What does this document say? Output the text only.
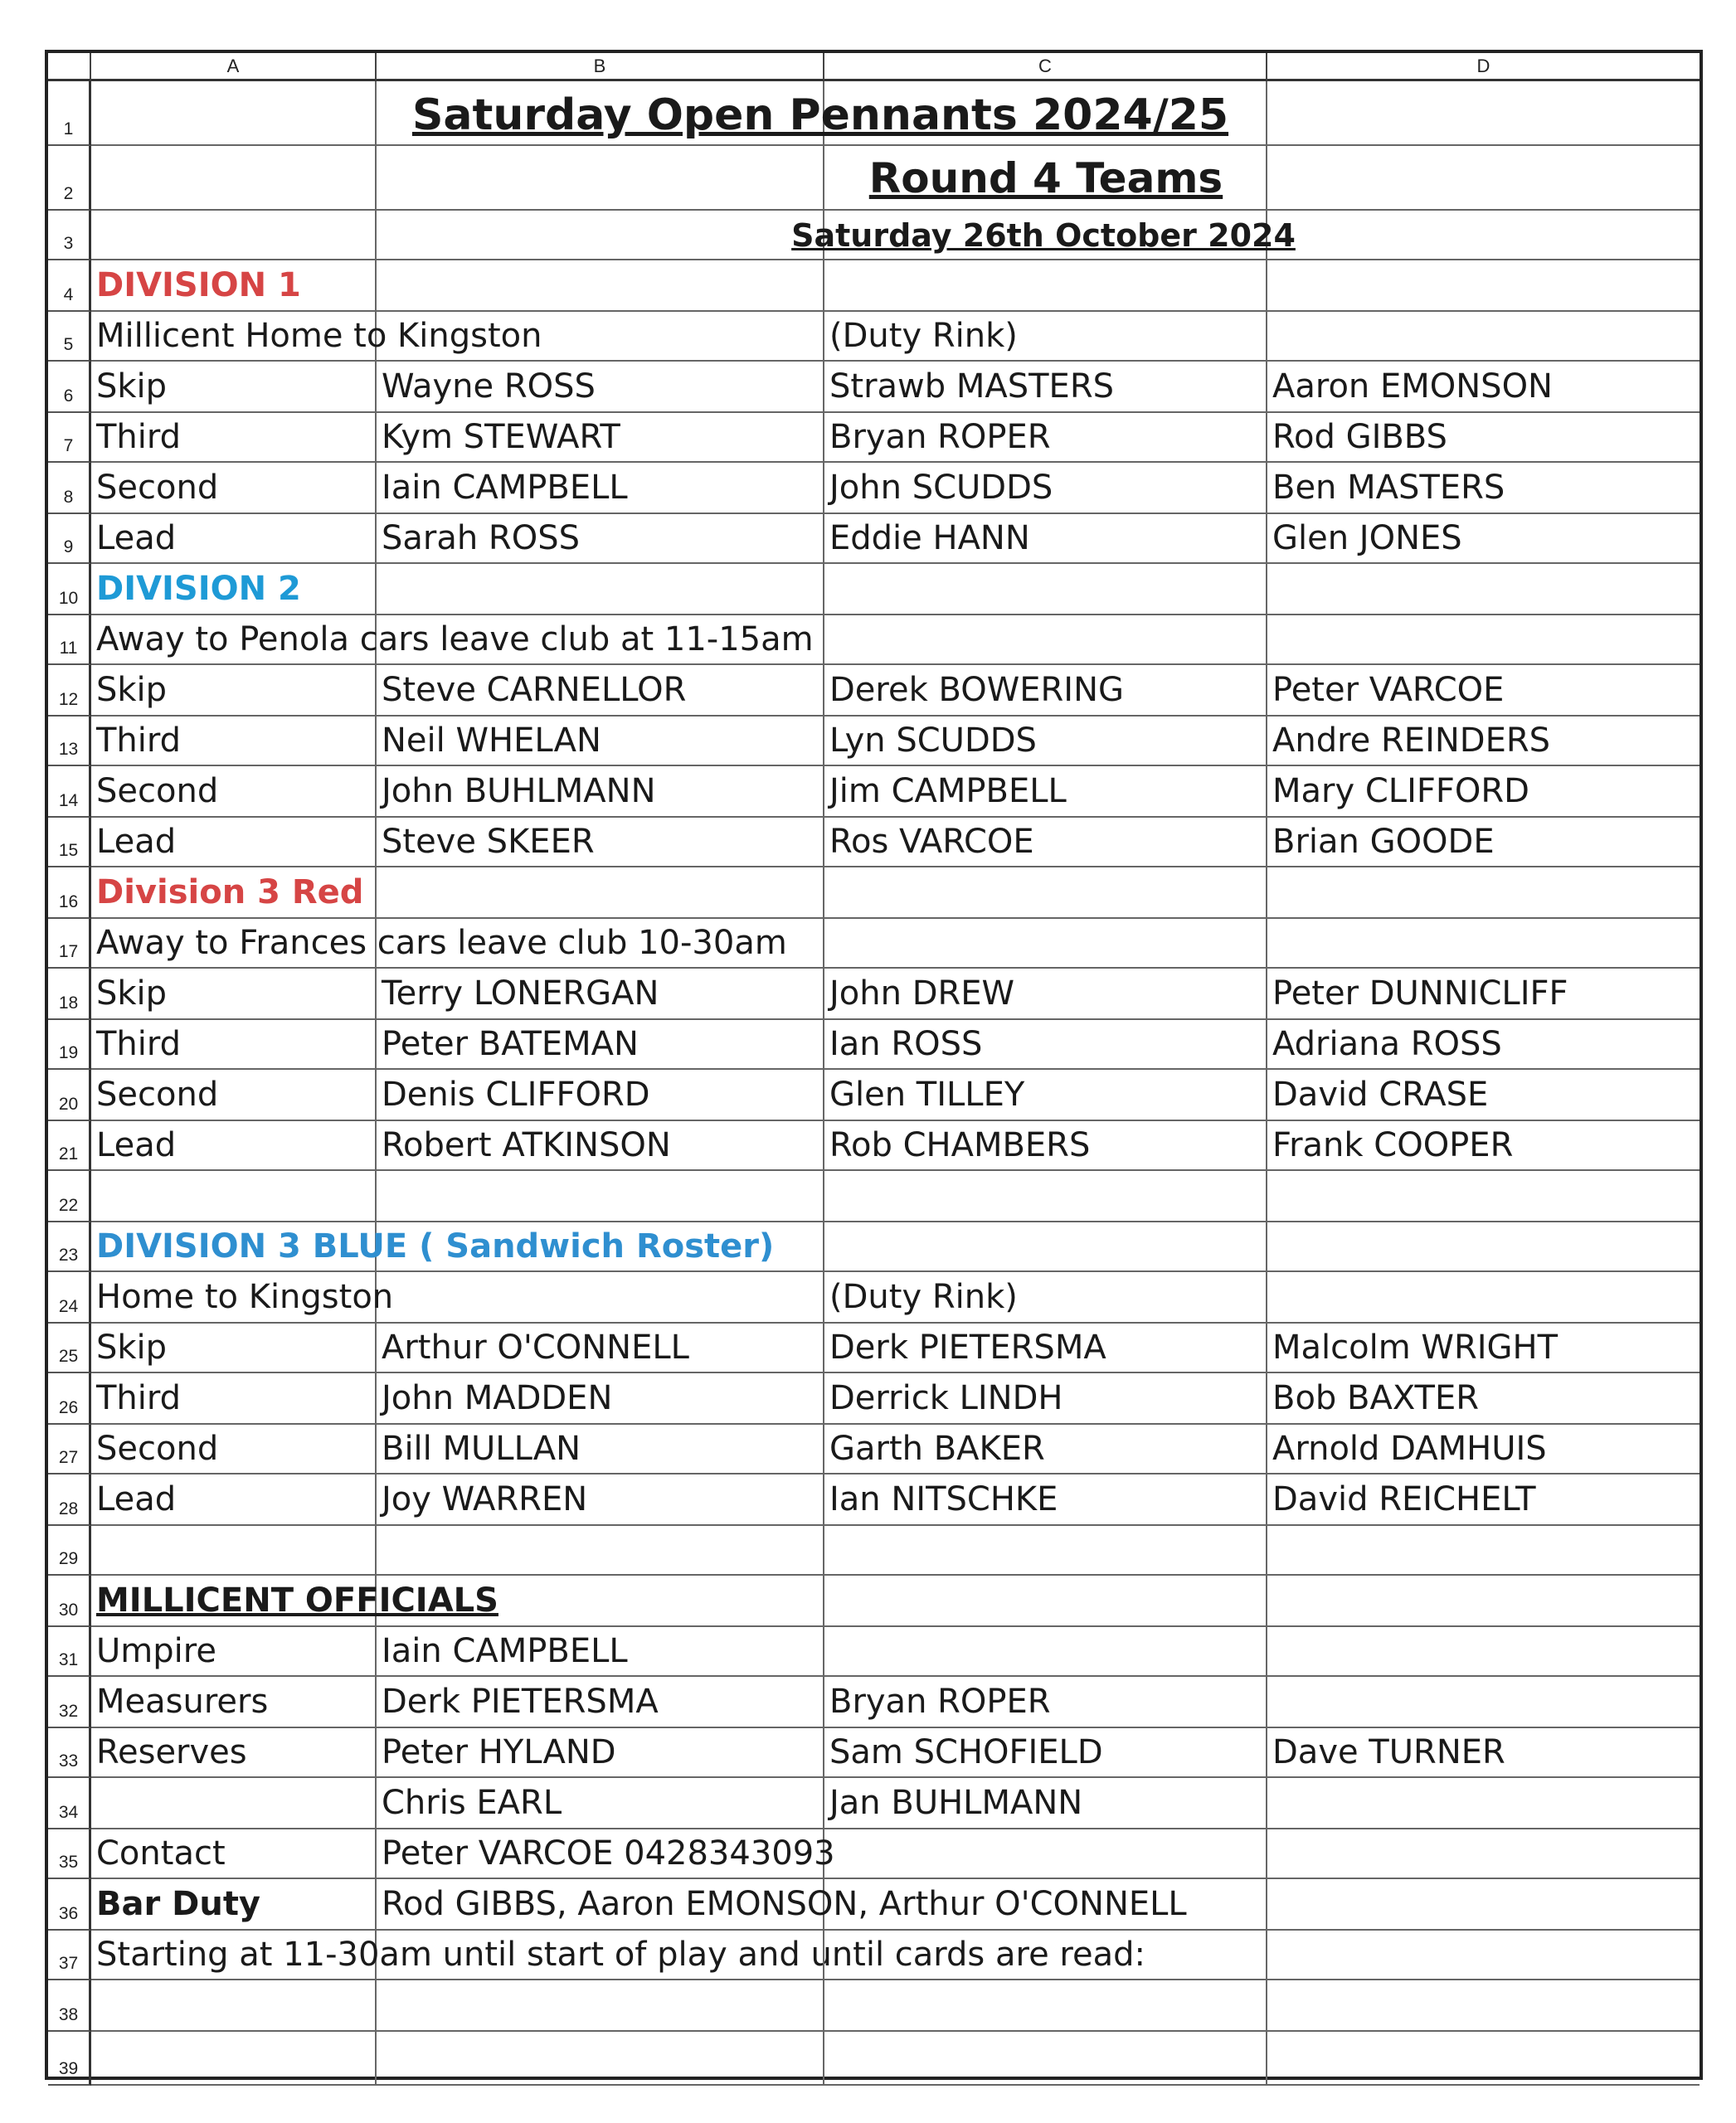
A	B	C	D
1
2
3
4 DIVISION 1
5 Millicent Home to Kingston	(Duty Rink)
6 Skip	Wayne ROSS	Strawb MASTERS	Aaron EMONSON
7 Third	Kym STEWART	Bryan ROPER	Rod GIBBS
8 Second	Iain CAMPBELL	John SCUDDS	Ben MASTERS
9 Lead	Sarah ROSS	Eddie HANN	Glen JONES
10 DIVISION 2
11 Away to Penola cars leave club at 11-15am
12 Skip	Steve CARNELLOR	Derek BOWERING	Peter VARCOE
13 Third	Neil WHELAN	Lyn SCUDDS	Andre REINDERS
14 Second	John BUHLMANN	Jim CAMPBELL	Mary CLIFFORD
15 Lead	Steve SKEER	Ros VARCOE	Brian GOODE
16 Division 3 Red
17 Away to Frances cars leave club 10-30am
18 Skip	Terry LONERGAN	John DREW	Peter DUNNICLIFF
19 Third	Peter BATEMAN	Ian ROSS	Adriana ROSS
20 Second	Denis CLIFFORD	Glen TILLEY	David CRASE
21 Lead	Robert ATKINSON	Rob CHAMBERS	Frank COOPER
22
23 DIVISION 3 BLUE ( Sandwich Roster)
24 Home to Kingston	(Duty Rink)
25 Skip	Arthur O'CONNELL	Derk PIETERSMA	Malcolm WRIGHT
26 Third	John MADDEN	Derrick LINDH	Bob BAXTER
27 Second	Bill MULLAN	Garth BAKER	Arnold DAMHUIS
28 Lead	Joy WARREN	Ian NITSCHKE	David REICHELT
29
30 MILLICENT OFFICIALS
31 Umpire	Iain CAMPBELL
32 Measurers	Derk PIETERSMA	Bryan ROPER
33 Reserves	Peter HYLAND	Sam SCHOFIELD	Dave TURNER
34	Chris EARL	Jan BUHLMANN
35 Contact	Peter VARCOE 0428343093
36 Bar Duty	Rod GIBBS, Aaron EMONSON, Arthur O'CONNELL
37 Starting at 11-30am until start of play and until cards are read:
38
39
Saturday Open Pennants 2024/25
Round 4 Teams
Saturday 26th October 2024
